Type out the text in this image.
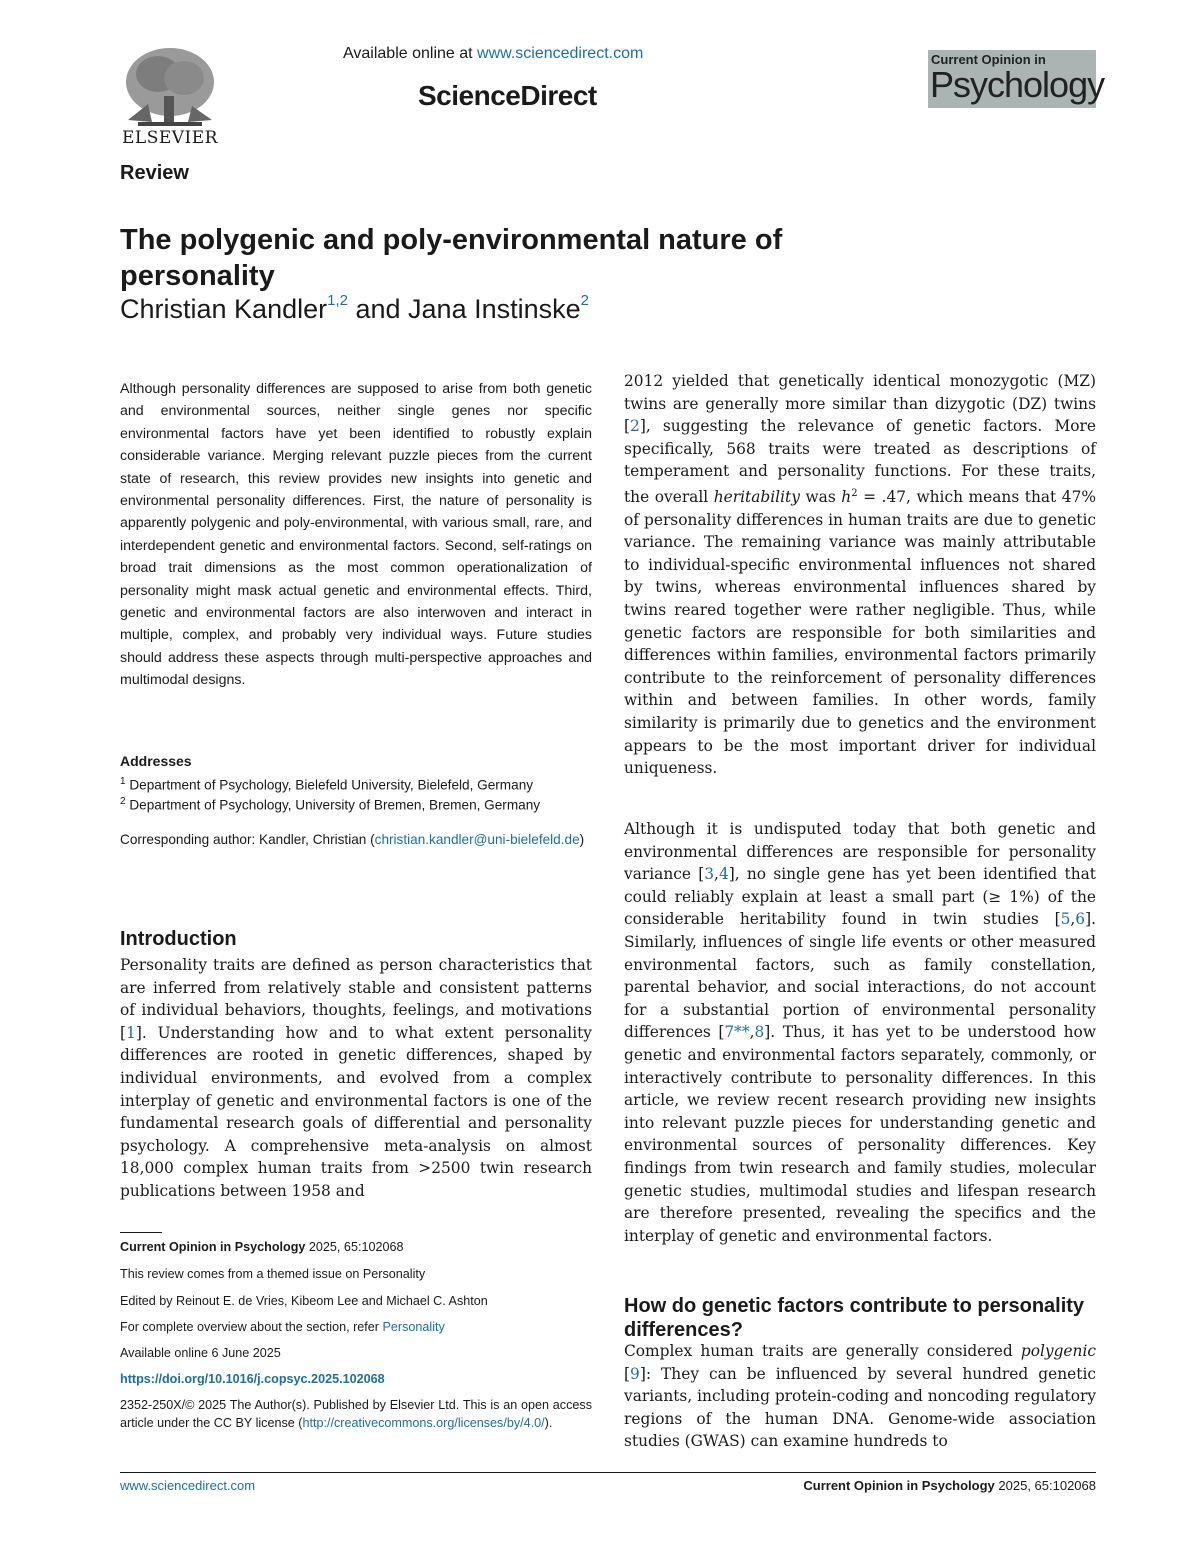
ELSEVIER
Available online at www.sciencedirect.com
ScienceDirect
Current Opinion in
Psychology
Review
The polygenic and poly-environmental nature of personality
Christian Kandler$^{1,2}$ and Jana Instinske$^2$
Although personality differences are supposed to arise from both genetic and environmental sources, neither single genes nor specific environmental factors have yet been identified to robustly explain considerable variance. Merging relevant puzzle pieces from the current state of research, this review provides new insights into genetic and environmental personality differences. First, the nature of personality is apparently polygenic and poly-environmental, with various small, rare, and interdependent genetic and environmental factors. Second, self-ratings on broad trait dimensions as the most common operationalization of personality might mask actual genetic and environmental effects. Third, genetic and environmental factors are also interwoven and interact in multiple, complex, and probably very individual ways. Future studies should address these aspects through multi-perspective approaches and multimodal designs.
Addresses
$^1$ Department of Psychology, Bielefeld University, Bielefeld, Germany
$^2$ Department of Psychology, University of Bremen, Bremen, Germany
Corresponding author: Kandler, Christian (christian.kandler@uni-bielefeld.de)
Introduction
Personality traits are defined as person characteristics that are inferred from relatively stable and consistent patterns of individual behaviors, thoughts, feelings, and motivations [1]. Understanding how and to what extent personality differences are rooted in genetic differences, shaped by individual environments, and evolved from a complex interplay of genetic and environmental factors is one of the fundamental research goals of differential and personality psychology. A comprehensive meta-analysis on almost 18,000 complex human traits from >2500 twin research publications between 1958 and
Current Opinion in Psychology 2025, 65:102068
This review comes from a themed issue on Personality
Edited by Reinout E. de Vries, Kibeom Lee and Michael C. Ashton
For complete overview about the section, refer Personality
Available online 6 June 2025
https://doi.org/10.1016/j.copsyc.2025.102068
2352-250X/© 2025 The Author(s). Published by Elsevier Ltd. This is an open access article under the CC BY license (http://creativecommons.org/licenses/by/4.0/).
2012 yielded that genetically identical monozygotic (MZ) twins are generally more similar than dizygotic (DZ) twins [2], suggesting the relevance of genetic factors. More specifically, 568 traits were treated as descriptions of temperament and personality functions. For these traits, the overall heritability was $h^2 = .47$, which means that 47% of personality differences in human traits are due to genetic variance. The remaining variance was mainly attributable to individual-specific environmental influences not shared by twins, whereas environmental influences shared by twins reared together were rather negligible. Thus, while genetic factors are responsible for both similarities and differences within families, environmental factors primarily contribute to the reinforcement of personality differences within and between families. In other words, family similarity is primarily due to genetics and the environment appears to be the most important driver for individual uniqueness.
Although it is undisputed today that both genetic and environmental differences are responsible for personality variance [3,4], no single gene has yet been identified that could reliably explain at least a small part (≥ 1%) of the considerable heritability found in twin studies [5,6]. Similarly, influences of single life events or other measured environmental factors, such as family constellation, parental behavior, and social interactions, do not account for a substantial portion of environmental personality differences [7**,8]. Thus, it has yet to be understood how genetic and environmental factors separately, commonly, or interactively contribute to personality differences. In this article, we review recent research providing new insights into relevant puzzle pieces for understanding genetic and environmental sources of personality differences. Key findings from twin research and family studies, molecular genetic studies, multimodal studies and lifespan research are therefore presented, revealing the specifics and the interplay of genetic and environmental factors.
How do genetic factors contribute to personality differences?
Complex human traits are generally considered polygenic [9]: They can be influenced by several hundred genetic variants, including protein-coding and noncoding regulatory regions of the human DNA. Genome-wide association studies (GWAS) can examine hundreds to
www.sciencedirect.com	Current Opinion in Psychology 2025, 65:102068
